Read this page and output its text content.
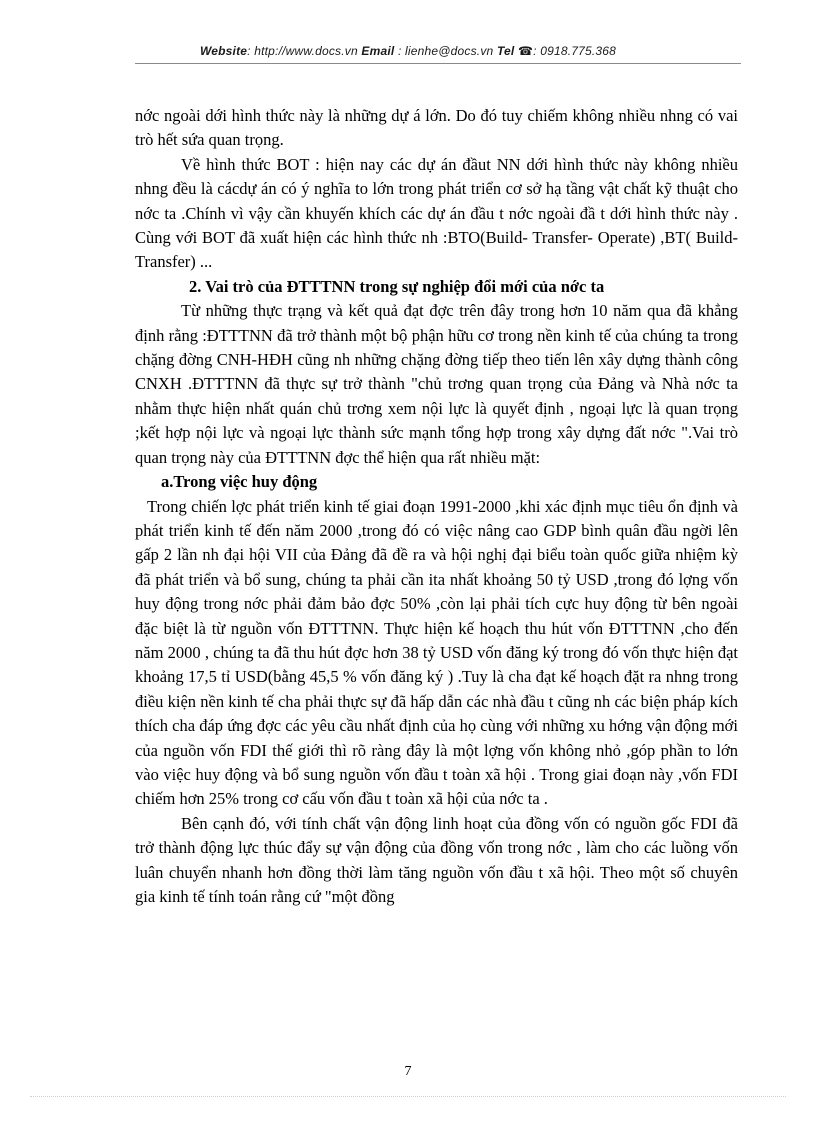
Website: http://www.docs.vn Email : lienhe@docs.vn Tel ☎: 0918.775.368

nớc ngoài dới hình thức này là những dự á lớn. Do đó tuy chiếm không nhiều nhng có vai trò hết sứa quan trọng.

Về hình thức BOT : hiện nay các dự án đầut NN dới hình thức này không nhiều nhng đều là cácdự án có ý nghĩa to lớn trong phát triển cơ sở hạ tầng vật chất kỹ thuật cho nớc ta .Chính vì vậy cần khuyến khích các dự án đầu t nớc ngoài đầ t dới hình thức này . Cùng với BOT đã xuất hiện các hình thức nh :BTO(Build- Transfer- Operate) ,BT( Build- Transfer) ...

2. Vai trò của ĐTTTNN trong sự nghiệp đổi mới của nớc ta

Từ những thực trạng và kết quả đạt đợc trên đây trong hơn 10 năm qua đã khẳng định rằng :ĐTTTNN đã trở thành một bộ phận hữu cơ trong nền kinh tế của chúng ta trong chặng đờng CNH-HĐH cũng nh những chặng đờng tiếp theo tiến lên xây dựng thành công CNXH .ĐTTTNN đã thực sự trở thành "chủ trơng quan trọng của Đảng và Nhà nớc ta nhằm thực hiện nhất quán chủ trơng xem nội lực là quyết định , ngoại lực là quan trọng ;kết hợp nội lực và ngoại lực thành sức mạnh tổng hợp trong xây dựng đất nớc ".Vai trò quan trọng này của ĐTTTNN đợc thể hiện qua rất nhiều mặt:

a.Trong việc huy động

Trong chiến lợc phát triển kinh tế giai đoạn 1991-2000 ,khi xác định mục tiêu ổn định và phát triển kinh tế đến năm 2000 ,trong đó có việc nâng cao GDP bình quân đầu ngời lên gấp 2 lần nh đại hội VII của Đảng đã đề ra và hội nghị đại biểu toàn quốc giữa nhiệm kỳ đã phát triển và bổ sung, chúng ta phải cần ita nhất khoảng 50 tỷ USD ,trong đó lợng vốn huy động trong nớc phải đảm bảo đợc 50% ,còn lại phải tích cực huy động từ bên ngoài đặc biệt là từ nguồn vốn ĐTTTNN. Thực hiện kế hoạch thu hút vốn ĐTTTNN ,cho đến năm 2000 , chúng ta đã thu hút đợc hơn 38 tỷ USD vốn đăng ký trong đó vốn thực hiện đạt khoảng 17,5 tỉ USD(bằng 45,5 % vốn đăng ký ) .Tuy là cha đạt kế hoạch đặt ra nhng trong điều kiện nền kinh tế cha phải thực sự đã hấp dẫn các nhà đầu t cũng nh các biện pháp kích thích cha đáp ứng đợc các yêu cầu nhất định của họ cùng với những xu hớng vận động mới của nguồn vốn FDI thế giới thì rõ ràng đây là một lợng vốn không nhỏ ,góp phần to lớn vào việc huy động và bổ sung nguồn vốn đầu t toàn xã hội . Trong giai đoạn này ,vốn FDI chiếm hơn 25% trong cơ cấu vốn đầu t toàn xã hội của nớc ta .

Bên cạnh đó, với tính chất vận động linh hoạt của đồng vốn có nguồn gốc FDI đã trở thành động lực thúc đẩy sự vận động của đồng vốn trong nớc , làm cho các luồng vốn luân chuyển nhanh hơn đồng thời làm tăng nguồn vốn đầu t xã hội. Theo một số chuyên gia kinh tế tính toán rằng cứ "một đồng

7
